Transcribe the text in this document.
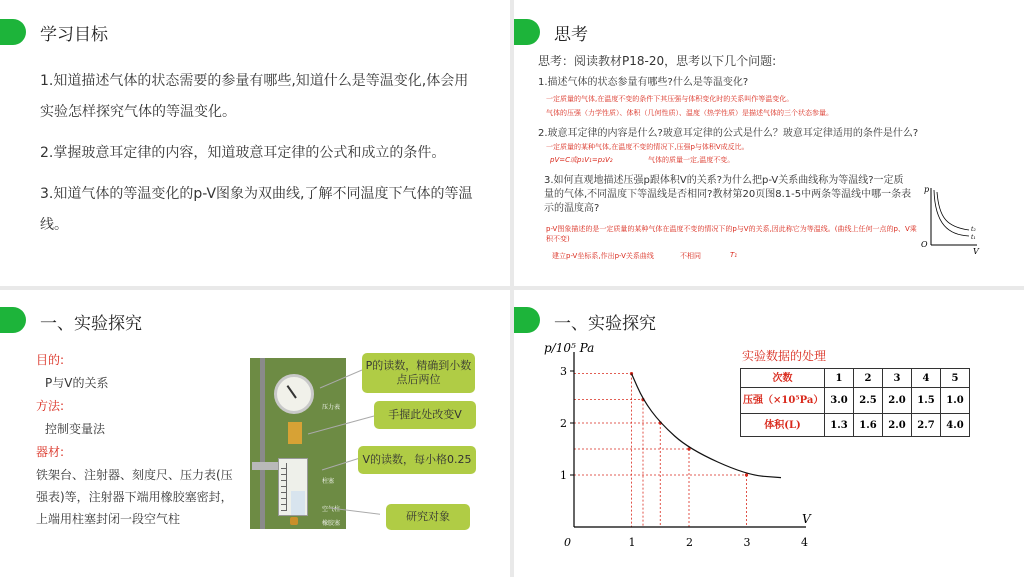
学习目标

1.知道描述气体的状态需要的参量有哪些,知道什么是等温变化,体会用实验怎样探究气体的等温变化。

2.掌握玻意耳定律的内容，知道玻意耳定律的公式和成立的条件。

3.知道气体的等温变化的p-V图象为双曲线,了解不同温度下气体的等温线。

思考
思考：阅读教材P18-20，思考以下几个问题:
1.描述气体的状态参量有哪些?什么是等温变化?
一定质量的气体,在温度不变的条件下其压强与体积变化时的关系叫作等温变化。
气体的压强（力学性质）、体积（几何性质）、温度（热学性质）是描述气体的三个状态参量。
2.玻意耳定律的内容是什么?玻意耳定律的公式是什么？玻意耳定律适用的条件是什么?
一定质量的某种气体,在温度不变的情况下,压强p与体积V成反比。
pV=C或p₁V₁=p₂V₂	气体的质量一定,温度不变。
3.如何直观地描述压强p跟体积V的关系?为什么把p-V关系曲线称为等温线?一定质量的气体,不同温度下等温线是否相同?教材第20页图8.1-5中两条等温线中哪一条表示的温度高?
p-V图象描述的是一定质量的某种气体在温度不变的情况下的p与V的关系,因此称它为等温线。(曲线上任何一点的p、V乘积不变)
建立p-V坐标系,作出p-V关系曲线	不相同	T₁
p
O
V
t₂
t₁
一、实验探究
目的:
P与V的关系
方法:
控制变量法
器材:
铁架台、注射器、刻度尺、压力表(压强表)等，注射器下端用橡胶塞密封，上端用柱塞封闭一段空气柱
压力表
柱塞
空气柱
橡胶塞
P的读数，精确到小数点后两位
手握此处改变V
V的读数，每小格0.25
研究对象
一、实验探究
实验数据的处理
次数	1	2	3	4	5
压强（×10⁵Pa）	3.0	2.5	2.0	1.5	1.0
体积(L)	1.3	1.6	2.0	2.7	4.0
p/10⁵ Pa
V
0	1	2	3	4
1
2
3
